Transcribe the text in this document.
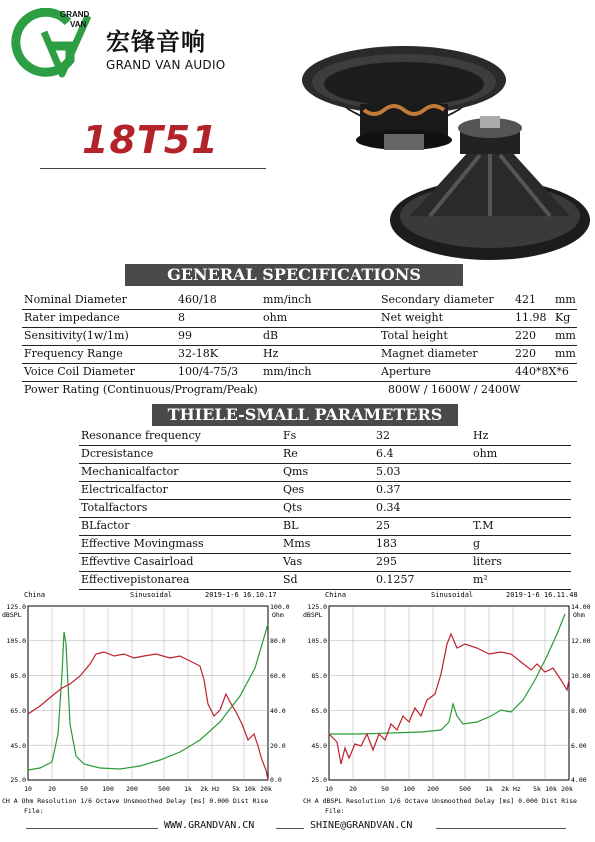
GRAND
VAN
宏锋音响
GRAND VAN AUDIO
18T51
GENERAL SPECIFICATIONS
Nominal Diameter	460/18	mm/inch	Secondary diameter 421 mm
Rater impedance	8	ohm	Net weight	11.98 Kg
Sensitivity(1w/1m)	99	dB	Total height	220 mm
Frequency Range	32-18K	Hz	Magnet diameter	220 mm
Voice Coil Diameter	100/4-75/3 mm/inch	Aperture	440*8X*6
Power Rating (Continuous/Program/Peak)	800W / 1600W / 2400W
THIELE-SMALL PARAMETERS
Resonance frequency	Fs	32	Hz
Dcresistance	Re	6.4	ohm
Mechanicalfactor	Qms	5.03
Electricalfactor	Qes	0.37
Totalfactors	Qts	0.34
BLfactor	BL	25	T.M
Effective Movingmass	Mms	183	g
Effevtive Casairload	Vas	295	liters
Effectivepistonarea	Sd	0.1257	m²
China	Sinusoidal	2019-1-6 16.10.17
dBSPL	Ohm
125.0
105.0
85.0
65.0
45.0
25.0
100.0
80.0
60.0
40.0
20.0
0.0
10 20	50 100 200	500 1k 2k Hz 5k 10k 20k
CH A Ohm Resolution 1/6 Octave Unsmoothed Delay [ms] 0.000 Dist Rise
File:
China	Sinusoidal	2019-1-6 16.11.48
dBSPL	Ohm
125.0
105.0
85.0
65.0
45.0
25.0
14.00
12.00
10.00
8.00
6.00
4.00
10 20	50 100 200	500 1k 2k Hz 5k 10k 20k
CH A dBSPL Resolution 1/6 Octave Unsmoothed Delay [ms] 0.000 Dist Rise
File:
WWW.GRANDVAN.CN	SHINE@GRANDVAN.CN
